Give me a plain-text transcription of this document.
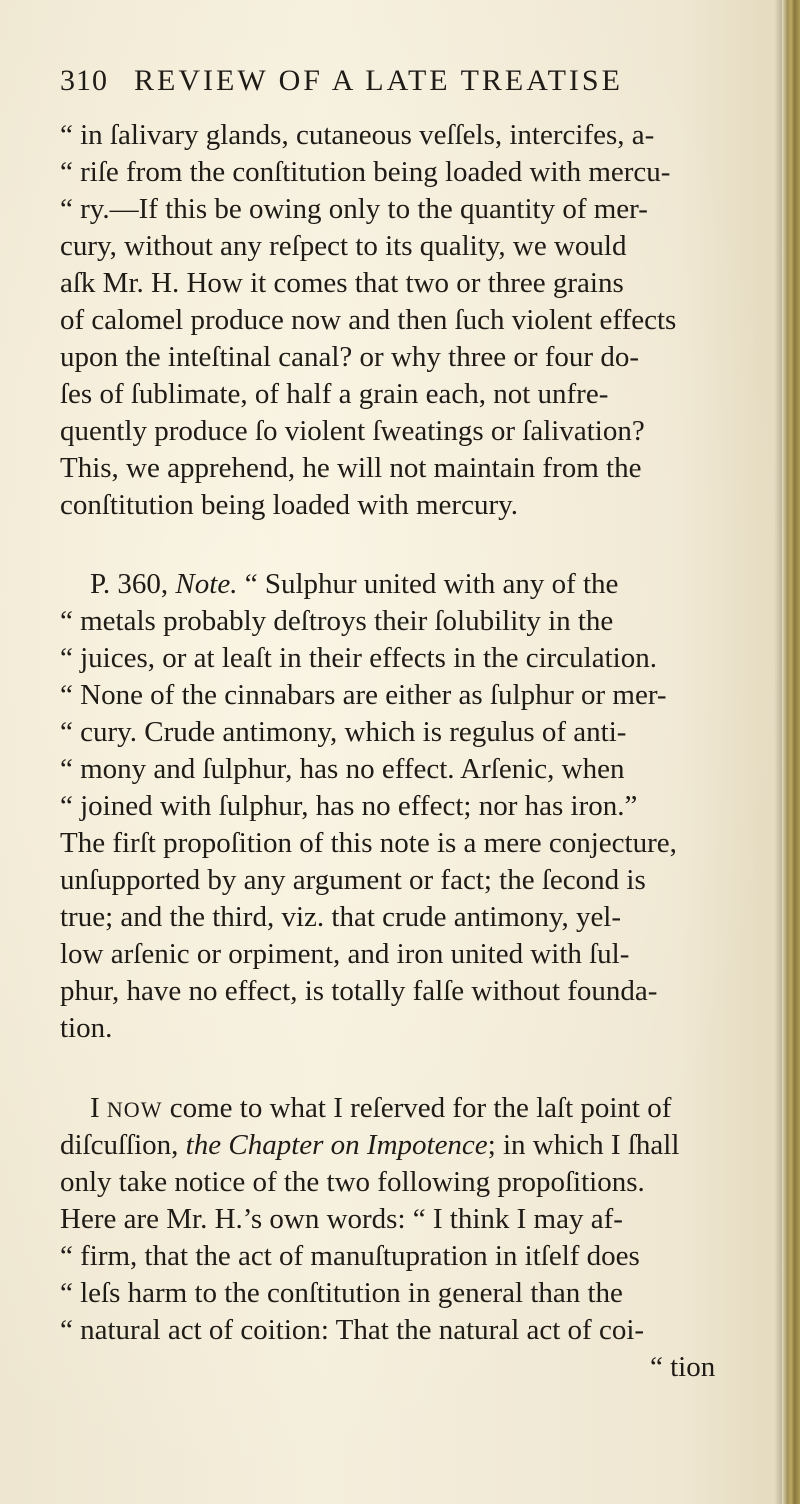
310 REVIEW OF A LATE TREATISE
“ in ſalivary glands, cutaneous veſſels, intercifes, a-
“ riſe from the conſtitution being loaded with mercu-
“ ry.—If this be owing only to the quantity of mer-
cury, without any reſpect to its quality, we would
aſk Mr. H. How it comes that two or three grains
of calomel produce now and then ſuch violent effects
upon the inteſtinal canal? or why three or four do-
ſes of ſublimate, of half a grain each, not unfre-
quently produce ſo violent ſweatings or ſalivation?
This, we apprehend, he will not maintain from the
conſtitution being loaded with mercury.
P. 360, Note. “ Sulphur united with any of the
“ metals probably deſtroys their ſolubility in the
“ juices, or at leaſt in their effects in the circulation.
“ None of the cinnabars are either as ſulphur or mer-
“ cury. Crude antimony, which is regulus of anti-
“ mony and ſulphur, has no effect. Arſenic, when
“ joined with ſulphur, has no effect; nor has iron.”
The firſt propoſition of this note is a mere conjecture,
unſupported by any argument or fact; the ſecond is
true; and the third, viz. that crude antimony, yel-
low arſenic or orpiment, and iron united with ſul-
phur, have no effect, is totally falſe without founda-
tion.
I NOW come to what I reſerved for the laſt point of
diſcuſſion, the Chapter on Impotence; in which I ſhall
only take notice of the two following propoſitions.
Here are Mr. H.’s own words: “ I think I may af-
“ firm, that the act of manuſtupration in itſelf does
“ leſs harm to the conſtitution in general than the
“ natural act of coition: That the natural act of coi-
“ tion
